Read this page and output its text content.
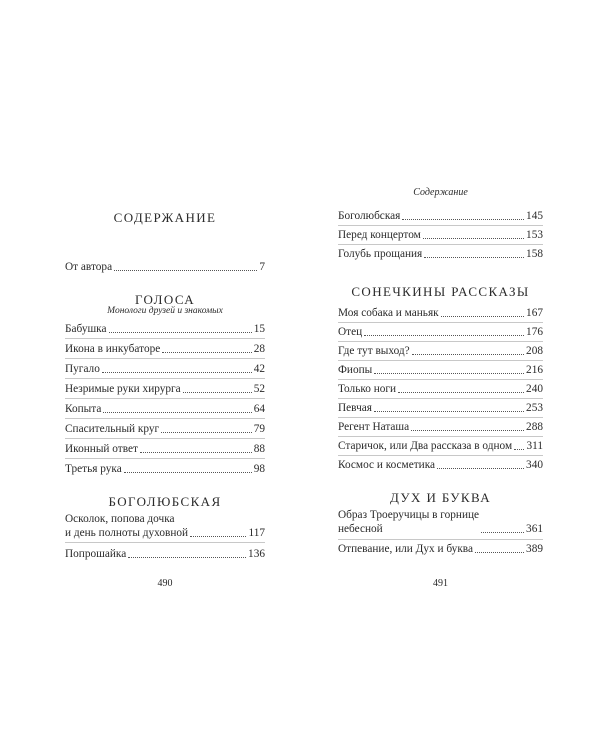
СОДЕРЖАНИЕ
От автора	7
ГОЛОСА
Монологи друзей и знакомых
Бабушка	15
Икона в инкубаторе	28
Пугало	42
Незримые руки хирурга	52
Копыта	64
Спасительный круг	79
Иконный ответ	88
Третья рука	98
БОГОЛЮБСКАЯ
Осколок, попова дочка
и день полноты духовной	117
Попрошайка	136
490
Содержание
Боголюбская	145
Перед концертом	153
Голубь прощания	158
СОНЕЧКИНЫ РАССКАЗЫ
Моя собака и маньяк	167
Отец	176
Где тут выход?	208
Фиопы	216
Только ноги	240
Певчая	253
Регент Наташа	288
Старичок, или Два рассказа в одном 311
Космос и косметика	340
ДУХ И БУКВА
Образ Троеручицы в горнице
небесной	361
Отпевание, или Дух и буква	389
491
